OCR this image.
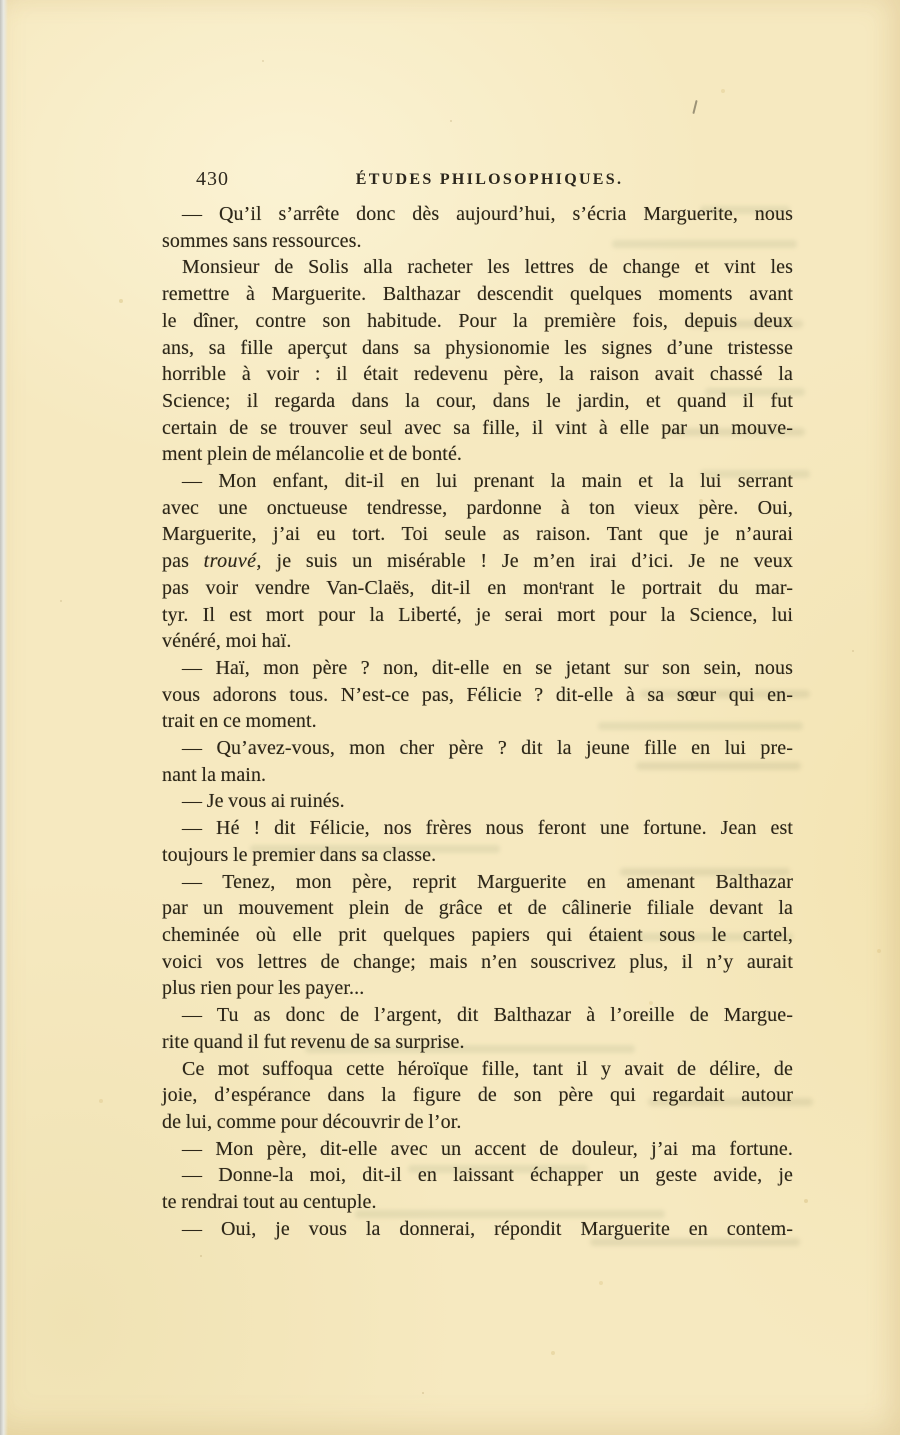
430	ÉTUDES PHILOSOPHIQUES.
— Qu’il s’arrête donc dès aujourd’hui, s’écria Marguerite, nous
sommes sans ressources.
Monsieur de Solis alla racheter les lettres de change et vint les
remettre à Marguerite. Balthazar descendit quelques moments avant
le dîner, contre son habitude. Pour la première fois, depuis deux
ans, sa fille aperçut dans sa physionomie les signes d’une tristesse
horrible à voir : il était redevenu père, la raison avait chassé la
Science; il regarda dans la cour, dans le jardin, et quand il fut
certain de se trouver seul avec sa fille, il vint à elle par un mouve-
ment plein de mélancolie et de bonté.
— Mon enfant, dit-il en lui prenant la main et la lui serrant
avec une onctueuse tendresse, pardonne à ton vieux père. Oui,
Marguerite, j’ai eu tort. Toi seule as raison. Tant que je n’aurai
pas trouvé, je suis un misérable ! Je m’en irai d’ici. Je ne veux
pas voir vendre Van-Claës, dit-il en mon$^t$rant le portrait du mar-
tyr. Il est mort pour la Liberté, je serai mort pour la Science, lui
vénéré, moi haï.
— Haï, mon père ? non, dit-elle en se jetant sur son sein, nous
vous adorons tous. N’est-ce pas, Félicie ? dit-elle à sa sœur qui en-
trait en ce moment.
— Qu’avez-vous, mon cher père ? dit la jeune fille en lui pre-
nant la main.
— Je vous ai ruinés.
— Hé ! dit Félicie, nos frères nous feront une fortune. Jean est
toujours le premier dans sa classe.
— Tenez, mon père, reprit Marguerite en amenant Balthazar
par un mouvement plein de grâce et de câlinerie filiale devant la
cheminée où elle prit quelques papiers qui étaient sous le cartel,
voici vos lettres de change; mais n’en souscrivez plus, il n’y aurait
plus rien pour les payer...
— Tu as donc de l’argent, dit Balthazar à l’oreille de Margue-
rite quand il fut revenu de sa surprise.
Ce mot suffoqua cette héroïque fille, tant il y avait de délire, de
joie, d’espérance dans la figure de son père qui regardait autour
de lui, comme pour découvrir de l’or.
— Mon père, dit-elle avec un accent de douleur, j’ai ma fortune.
— Donne-la moi, dit-il en laissant échapper un geste avide, je
te rendrai tout au centuple.
— Oui, je vous la donnerai, répondit Marguerite en contem-
